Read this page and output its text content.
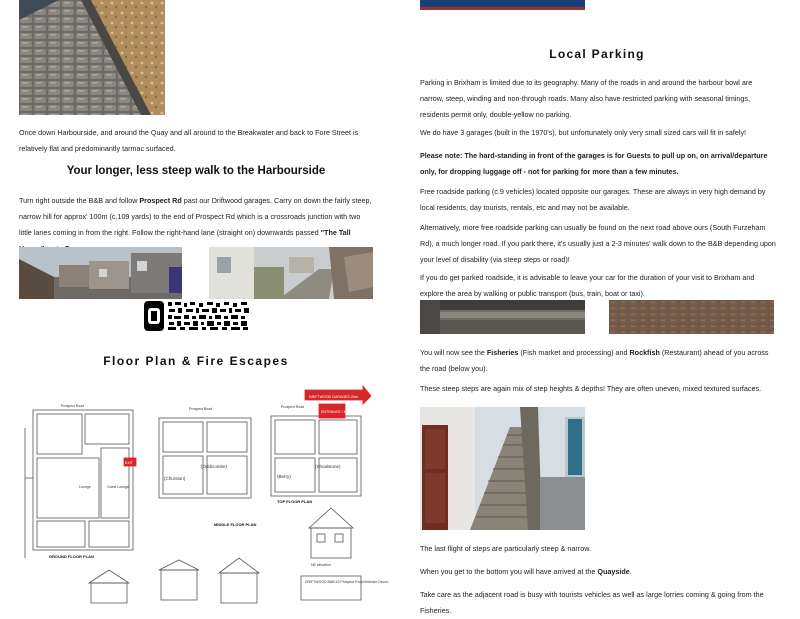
Once down Harbourside, and around the Quay and all around to the Breakwater and back to Fore Street is relatively flat and predominantly tarmac surfaced.

Your longer, less steep walk to the Harbourside

Turn right outside the B&B and follow Prospect Rd past our Driftwood garages. Carry on down the fairly steep, narrow hill for approx' 100m (c.109 yards) to the end of Prospect Rd which is a crossroads junction with two little lanes coming in from the right. Follow the right-hand lane (straight on) downwards passed "The Tall

Floor Plan & Fire Escapes
Prospect Road
EXIT
GROUND FLOOR PLAN
Lounge	Guest Lounge
Prospect Road
(Oddicombe)
(Churston)
MIDDLE FLOOR PLAN
Prospect Road
(Shoalstone)
(Berry)
TOP FLOOR PLAN
DRIFTWOOD GARAGES 20m
ENTRANCE / EXIT
NE elevation
DRIFTWOOD B&B 53 Prospect Road Brixham Devon
Local Parking

Parking in Brixham is limited due to its geography. Many of the roads in and around the harbour bowl are narrow, steep, winding and non-through roads. Many also have restricted parking with seasonal timings, residents permit only, double-yellow no parking.

We do have 3 garages (built in the 1970's), but unfortunately only very small sized cars will fit in safely!

Please note: The hard-standing in front of the garages is for Guests to pull up on, on arrival/departure only, for dropping luggage off - not for parking for more than a few minutes.

Free roadside parking (c.9 vehicles) located opposite our garages. These are always in very high demand by local residents, day tourists, rentals, etc and may not be available.

Alternatively, more free roadside parking can usually be found on the next road above ours (South Furzeham Rd), a much longer road. If you park there, it's usually just a 2-3 minutes' walk down to the B&B depending upon your level of disability (via steep steps or road)!

If you do get parked roadside, it is advisable to leave your car for the duration of your visit to Brixham and explore the area by walking or public transport (bus, train, boat or taxi).

You will now see the Fisheries (Fish market and processing) and Rockfish (Restaurant) ahead of you across the road (below you).

These steep steps are again mix of step heights & depths! They are often uneven, mixed textured surfaces.

The last flight of steps are particularly steep & narrow.

When you get to the bottom you will have arrived at the Quayside.

Take care as the adjacent road is busy with tourists vehicles as well as large lorries coming & going from the Fisheries.
